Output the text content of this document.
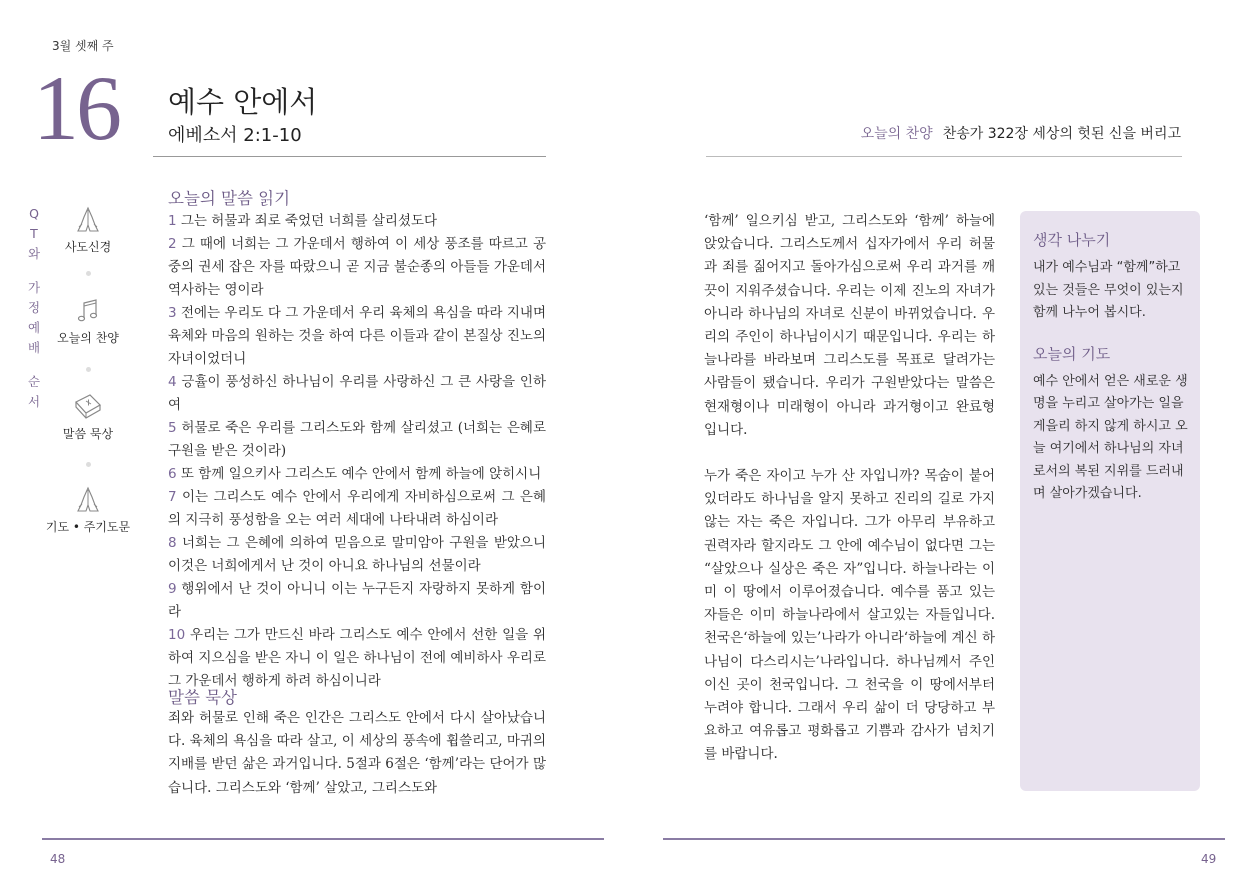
3월 셋째 주
16 예수 안에서
에베소서 2:1-10	오늘의 찬양 찬송가 322장 세상의 헛된 신을 버리고
Q
T
와
가
정
예
배
순
서
사도신경
오늘의 찬양
말씀 묵상
기도 • 주기도문
오늘의 말씀 읽기

1 그는 허물과 죄로 죽었던 너희를 살리셨도다

2 그 때에 너희는 그 가운데서 행하여 이 세상 풍조를 따르고 공중의 권세 잡은 자를 따랐으니 곧 지금 불순종의 아들들 가운데서 역사하는 영이라

3 전에는 우리도 다 그 가운데서 우리 육체의 욕심을 따라 지내며 육체와 마음의 원하는 것을 하여 다른 이들과 같이 본질상 진노의 자녀이었더니

4 긍휼이 풍성하신 하나님이 우리를 사랑하신 그 큰 사랑을 인하여

5 허물로 죽은 우리를 그리스도와 함께 살리셨고 (너희는 은혜로 구원을 받은 것이라)

6 또 함께 일으키사 그리스도 예수 안에서 함께 하늘에 앉히시니

7 이는 그리스도 예수 안에서 우리에게 자비하심으로써 그 은혜의 지극히 풍성함을 오는 여러 세대에 나타내려 하심이라

8 너희는 그 은혜에 의하여 믿음으로 말미암아 구원을 받았으니 이것은 너희에게서 난 것이 아니요 하나님의 선물이라

9 행위에서 난 것이 아니니 이는 누구든지 자랑하지 못하게 함이라

10 우리는 그가 만드신 바라 그리스도 예수 안에서 선한 일을 위하여 지으심을 받은 자니 이 일은 하나님이 전에 예비하사 우리로 그 가운데서 행하게 하려 하심이니라

말씀 묵상

죄와 허물로 인해 죽은 인간은 그리스도 안에서 다시 살아났습니다. 육체의 욕심을 따라 살고, 이 세상의 풍속에 휩쓸리고, 마귀의 지배를 받던 삶은 과거입니다. 5절과 6절은 ‘함께’라는 단어가 많습니다. 그리스도와 ‘함께’ 살았고, 그리스도와

‘함께’ 일으키심 받고, 그리스도와 ‘함께’ 하늘에 앉았습니다. 그리스도께서 십자가에서 우리 허물과 죄를 짊어지고 돌아가심으로써 우리 과거를 깨끗이 지워주셨습니다. 우리는 이제 진노의 자녀가 아니라 하나님의 자녀로 신분이 바뀌었습니다. 우리의 주인이 하나님이시기 때문입니다. 우리는 하늘나라를 바라보며 그리스도를 목표로 달려가는 사람들이 됐습니다. 우리가 구원받았다는 말씀은 현재형이나 미래형이 아니라 과거형이고 완료형입니다.

누가 죽은 자이고 누가 산 자입니까? 목숨이 붙어있더라도 하나님을 알지 못하고 진리의 길로 가지 않는 자는 죽은 자입니다. 그가 아무리 부유하고 권력자라 할지라도 그 안에 예수님이 없다면 그는 “살았으나 실상은 죽은 자”입니다. 하늘나라는 이미 이 땅에서 이루어졌습니다. 예수를 품고 있는 자들은 이미 하늘나라에서 살고있는 자들입니다. 천국은‘하늘에 있는’나라가 아니라‘하늘에 계신 하나님이 다스리시는’나라입니다. 하나님께서 주인이신 곳이 천국입니다. 그 천국을 이 땅에서부터 누려야 합니다. 그래서 우리 삶이 더 당당하고 부요하고 여유롭고 평화롭고 기쁨과 감사가 넘치기를 바랍니다.

생각 나누기

내가 예수님과 “함께”하고 있는 것들은 무엇이 있는지 함께 나누어 봅시다.

오늘의 기도

예수 안에서 얻은 새로운 생명을 누리고 살아가는 일을 게을리 하지 않게 하시고 오늘 여기에서 하나님의 자녀로서의 복된 지위를 드러내며 살아가겠습니다.

48	49
